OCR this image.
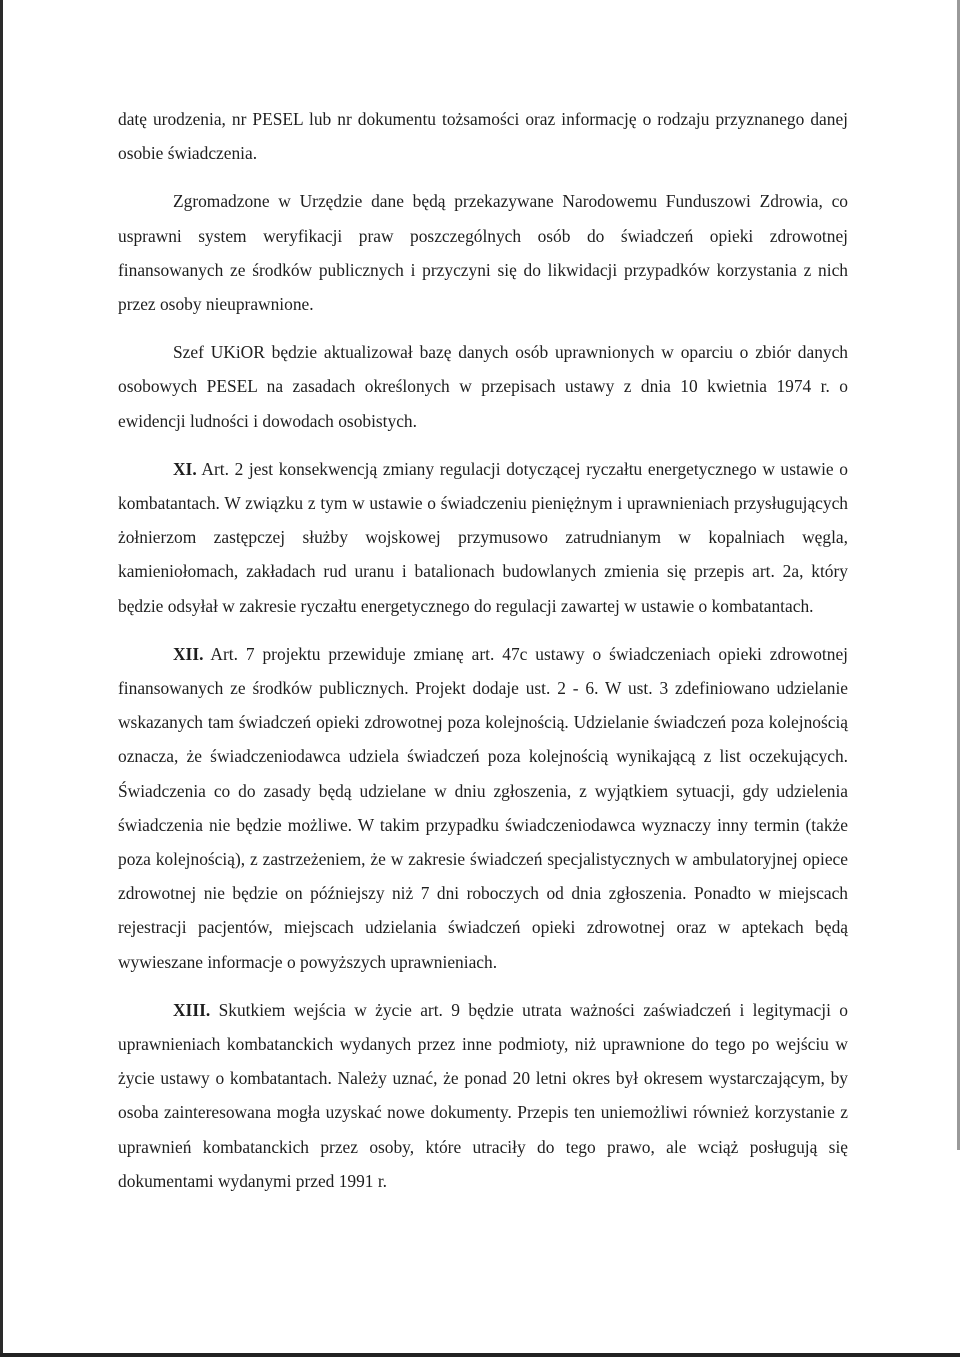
datę urodzenia, nr PESEL lub nr dokumentu tożsamości oraz informację o rodzaju przyznanego danej osobie świadczenia.

Zgromadzone w Urzędzie dane będą przekazywane Narodowemu Funduszowi Zdrowia, co usprawni system weryfikacji praw poszczególnych osób do świadczeń opieki zdrowotnej finansowanych ze środków publicznych i przyczyni się do likwidacji przypadków korzystania z nich przez osoby nieuprawnione.

Szef UKiOR będzie aktualizował bazę danych osób uprawnionych w oparciu o zbiór danych osobowych PESEL na zasadach określonych w przepisach ustawy z dnia 10 kwietnia 1974 r. o ewidencji ludności i dowodach osobistych.

XI. Art. 2 jest konsekwencją zmiany regulacji dotyczącej ryczałtu energetycznego w ustawie o kombatantach. W związku z tym w ustawie o świadczeniu pieniężnym i uprawnieniach przysługujących żołnierzom zastępczej służby wojskowej przymusowo zatrudnianym w kopalniach węgla, kamieniołomach, zakładach rud uranu i batalionach budowlanych zmienia się przepis art. 2a, który będzie odsyłał w zakresie ryczałtu energetycznego do regulacji zawartej w ustawie o kombatantach.

XII. Art. 7 projektu przewiduje zmianę art. 47c ustawy o świadczeniach opieki zdrowotnej finansowanych ze środków publicznych. Projekt dodaje ust. 2 - 6. W ust. 3 zdefiniowano udzielanie wskazanych tam świadczeń opieki zdrowotnej poza kolejnością. Udzielanie świadczeń poza kolejnością oznacza, że świadczeniodawca udziela świadczeń poza kolejnością wynikającą z list oczekujących. Świadczenia co do zasady będą udzielane w dniu zgłoszenia, z wyjątkiem sytuacji, gdy udzielenia świadczenia nie będzie możliwe. W takim przypadku świadczeniodawca wyznaczy inny termin (także poza kolejnością), z zastrzeżeniem, że w zakresie świadczeń specjalistycznych w ambulatoryjnej opiece zdrowotnej nie będzie on późniejszy niż 7 dni roboczych od dnia zgłoszenia. Ponadto w miejscach rejestracji pacjentów, miejscach udzielania świadczeń opieki zdrowotnej oraz w aptekach będą wywieszane informacje o powyższych uprawnieniach.

XIII. Skutkiem wejścia w życie art. 9 będzie utrata ważności zaświadczeń i legitymacji o uprawnieniach kombatanckich wydanych przez inne podmioty, niż uprawnione do tego po wejściu w życie ustawy o kombatantach. Należy uznać, że ponad 20 letni okres był okresem wystarczającym, by osoba zainteresowana mogła uzyskać nowe dokumenty. Przepis ten uniemożliwi również korzystanie z uprawnień kombatanckich przez osoby, które utraciły do tego prawo, ale wciąż posługują się dokumentami wydanymi przed 1991 r.
